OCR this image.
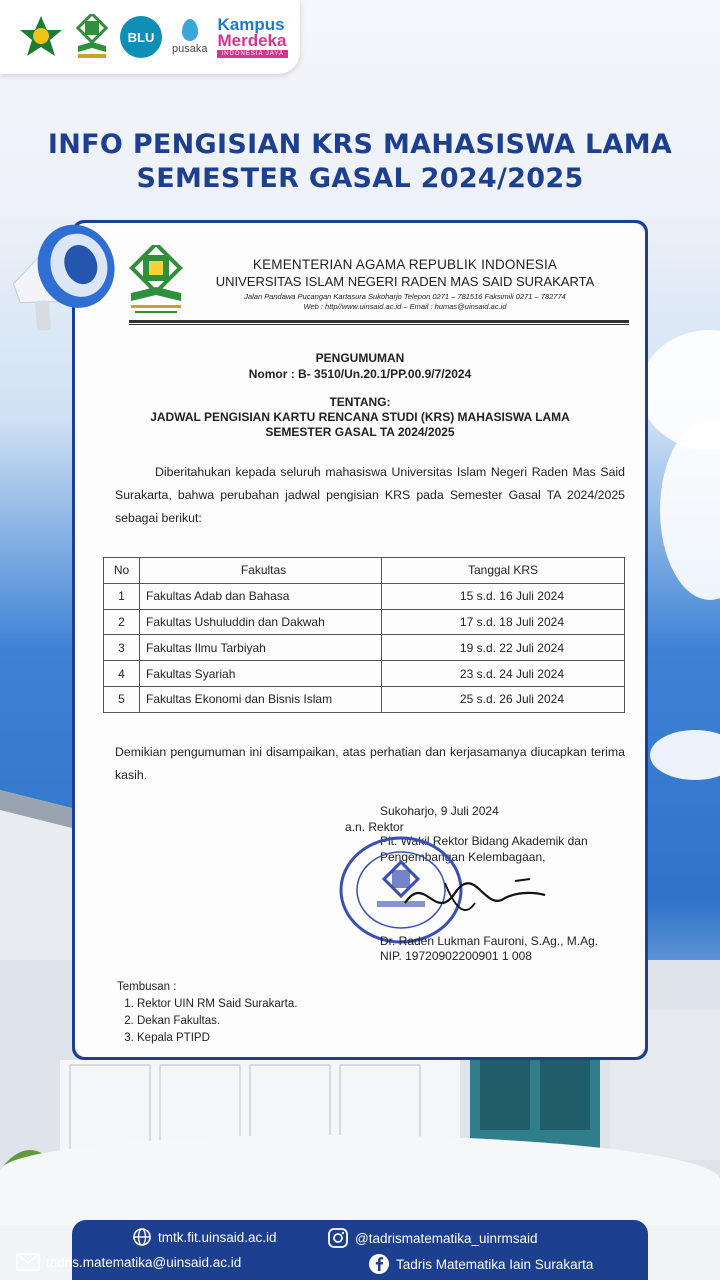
BLU
pusaka
Kampus
Merdeka
INDONESIA JAYA
INFO PENGISIAN KRS MAHASISWA LAMA
SEMESTER GASAL 2024/2025
KEMENTERIAN AGAMA REPUBLIK INDONESIA
UNIVERSITAS ISLAM NEGERI RADEN MAS SAID SURAKARTA
Jalan Pandawa Pucangan Kartasura Sukoharjo Telepon 0271 – 781516 Faksimili 0271 – 782774
Web : http//www.uinsaid.ac.id – Email : humas@uinsaid.ac.id
PENGUMUMAN
Nomor : B- 3510/Un.20.1/PP.00.9/7/2024
TENTANG:
JADWAL PENGISIAN KARTU RENCANA STUDI (KRS) MAHASISWA LAMA
SEMESTER GASAL TA 2024/2025
Diberitahukan kepada seluruh mahasiswa Universitas Islam Negeri Raden Mas Said Surakarta, bahwa perubahan jadwal pengisian KRS pada Semester Gasal TA 2024/2025 sebagai berikut:
No	Fakultas	Tanggal KRS
1	Fakultas Adab dan Bahasa	15 s.d. 16 Juli 2024
2	Fakultas Ushuluddin dan Dakwah	17 s.d. 18 Juli 2024
3	Fakultas Ilmu Tarbiyah	19 s.d. 22 Juli 2024
4	Fakultas Syariah	23 s.d. 24 Juli 2024
5	Fakultas Ekonomi dan Bisnis Islam	25 s.d. 26 Juli 2024
Demikian pengumuman ini disampaikan, atas perhatian dan kerjasamanya diucapkan terima kasih.
Sukoharjo, 9 Juli 2024
a.n. Rektor
Plt. Wakil Rektor Bidang Akademik dan Pengembangan Kelembagaan,
Dr. Raden Lukman Fauroni, S.Ag., M.Ag.
NIP. 19720902200901 1 008
Tembusan :
1. Rektor UIN RM Said Surakarta.
2. Dekan Fakultas.
3. Kepala PTIPD
tmtk.fit.uinsaid.ac.id	@tadrismatematika_uinrmsaid
tadris.matematika@uinsaid.ac.id	Tadris Matematika Iain Surakarta
